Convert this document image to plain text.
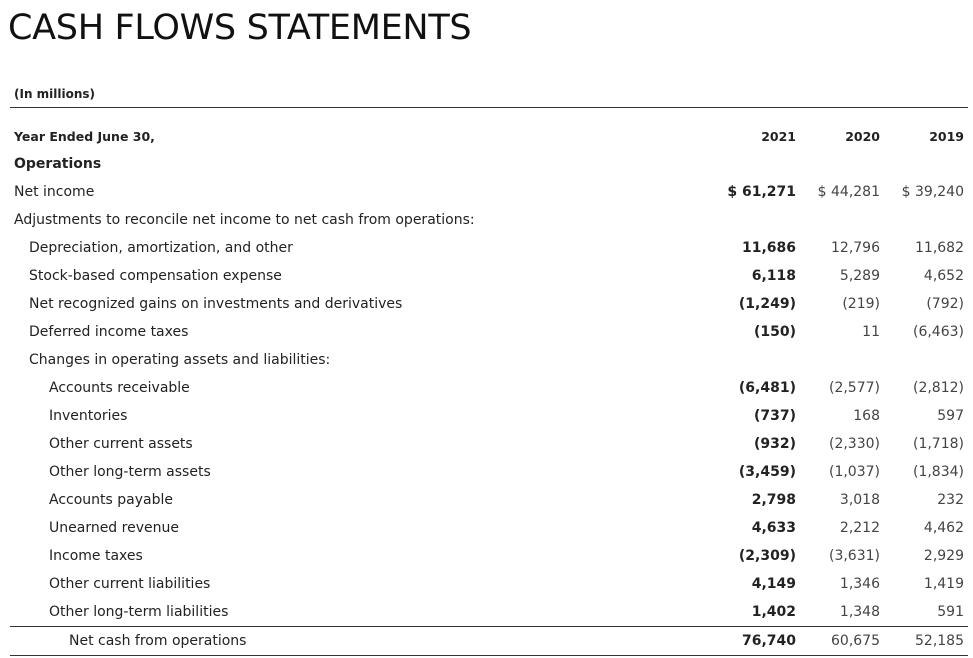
CASH FLOWS STATEMENTS
(In millions)
Year Ended June 30,	2021	2020	2019
Operations
Net income	$ 61,271 $ 44,281 $ 39,240
Adjustments to reconcile net income to net cash from operations:
Depreciation, amortization, and other	11,686	12,796	11,682
Stock-based compensation expense	6,118	5,289	4,652
Net recognized gains on investments and derivatives	(1,249)	(219)	(792)
Deferred income taxes	(150)	11 (6,463)
Changes in operating assets and liabilities:
Accounts receivable	(6,481) (2,577) (2,812)
Inventories	(737)	168	597
Other current assets	(932) (2,330) (1,718)
Other long-term assets	(3,459) (1,037) (1,834)
Accounts payable	2,798	3,018	232
Unearned revenue	4,633	2,212	4,462
Income taxes	(2,309) (3,631)	2,929
Other current liabilities	4,149	1,346	1,419
Other long-term liabilities	1,402	1,348	591
Net cash from operations	76,740	60,675	52,185
